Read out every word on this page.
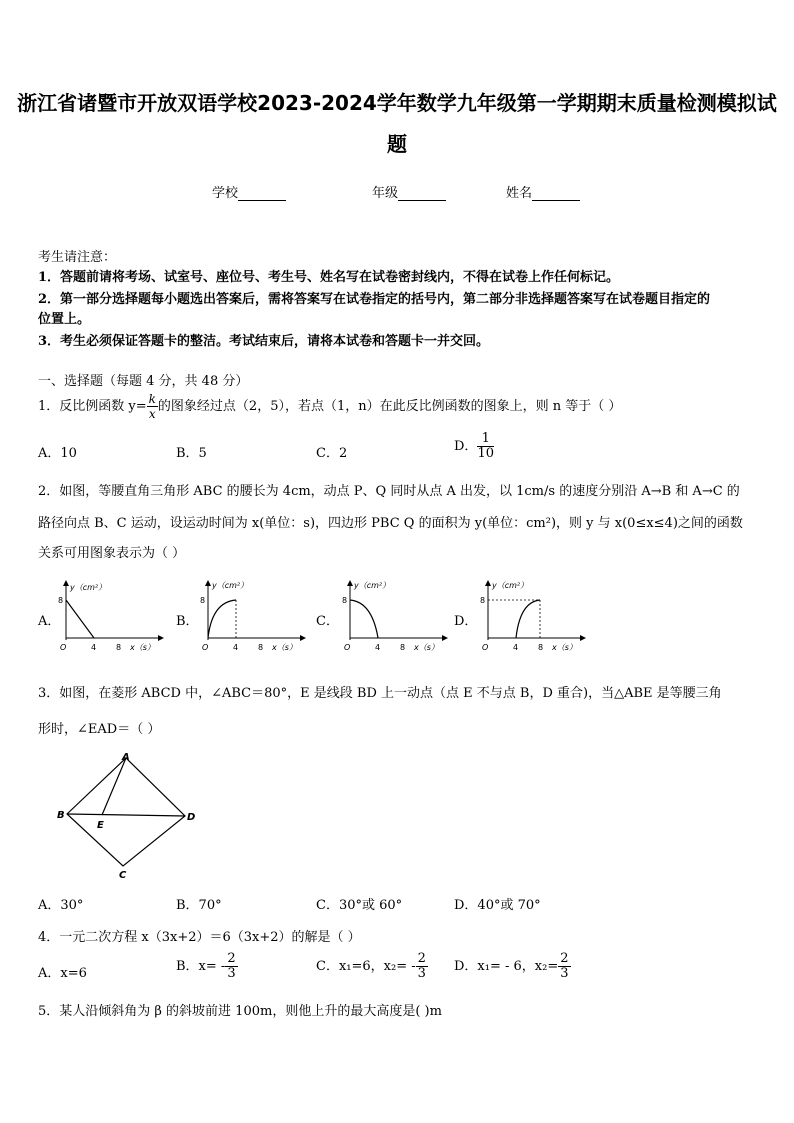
浙江省诸暨市开放双语学校2023-2024学年数学九年级第一学期期末质量检测模拟试
题
学校	年级	姓名
考生请注意：
1．答题前请将考场、试室号、座位号、考生号、姓名写在试卷密封线内，不得在试卷上作任何标记。
2．第一部分选择题每小题选出答案后，需将答案写在试卷指定的括号内，第二部分非选择题答案写在试卷题目指定的
位置上。
3．考生必须保证答题卡的整洁。考试结束后，请将本试卷和答题卡一并交回。
一、选择题（每题 4 分，共 48 分）
1．反比例函数 $y= \frac{k}{x}$ 的图象经过点（2，5），若点（1，n）在此反比例函数的图象上，则 n 等于（ ）
A．10	B．5	C．2	D． $\frac{1}{10}$
2．如图，等腰直角三角形 ABC 的腰长为 4cm，动点 P、Q 同时从点 A 出发，以 1cm/s 的速度分别沿 A→B 和 A→C 的
路径向点 B、C 运动，设运动时间为 x(单位：s)，四边形 PBC Q 的面积为 y(单位：cm²)，则 y 与 x(0≤x≤4)之间的函数
关系可用图象表示为（ ）
A．	B．	C．	D．
y（cm²）
8
O	4 8 x（s）
y（cm²）
8
O	4 8 x（s）
y（cm²）
8
O	4 8 x（s）
y（cm²）
8
O	4 8 x（s）
3．如图，在菱形 ABCD 中，∠ABC＝80°，E 是线段 BD 上一动点（点 E 不与点 B，D 重合)，当△ABE 是等腰三角
形时，∠EAD＝（ ）
A
B
C
D
E
A．30°	B．70°	C．30°或 60°	D．40°或 70°
4．一元二次方程 x（3x+2）＝6（3x+2）的解是（ ）
A．x=6	B．$x= - \frac{2}{3}$	C．x₁=6，$x_2= - \frac{2}{3}$ D．x₁= - 6，$x_2= \frac{2}{3}$
5．某人沿倾斜角为 β 的斜坡前进 100m，则他上升的最大高度是( )m
